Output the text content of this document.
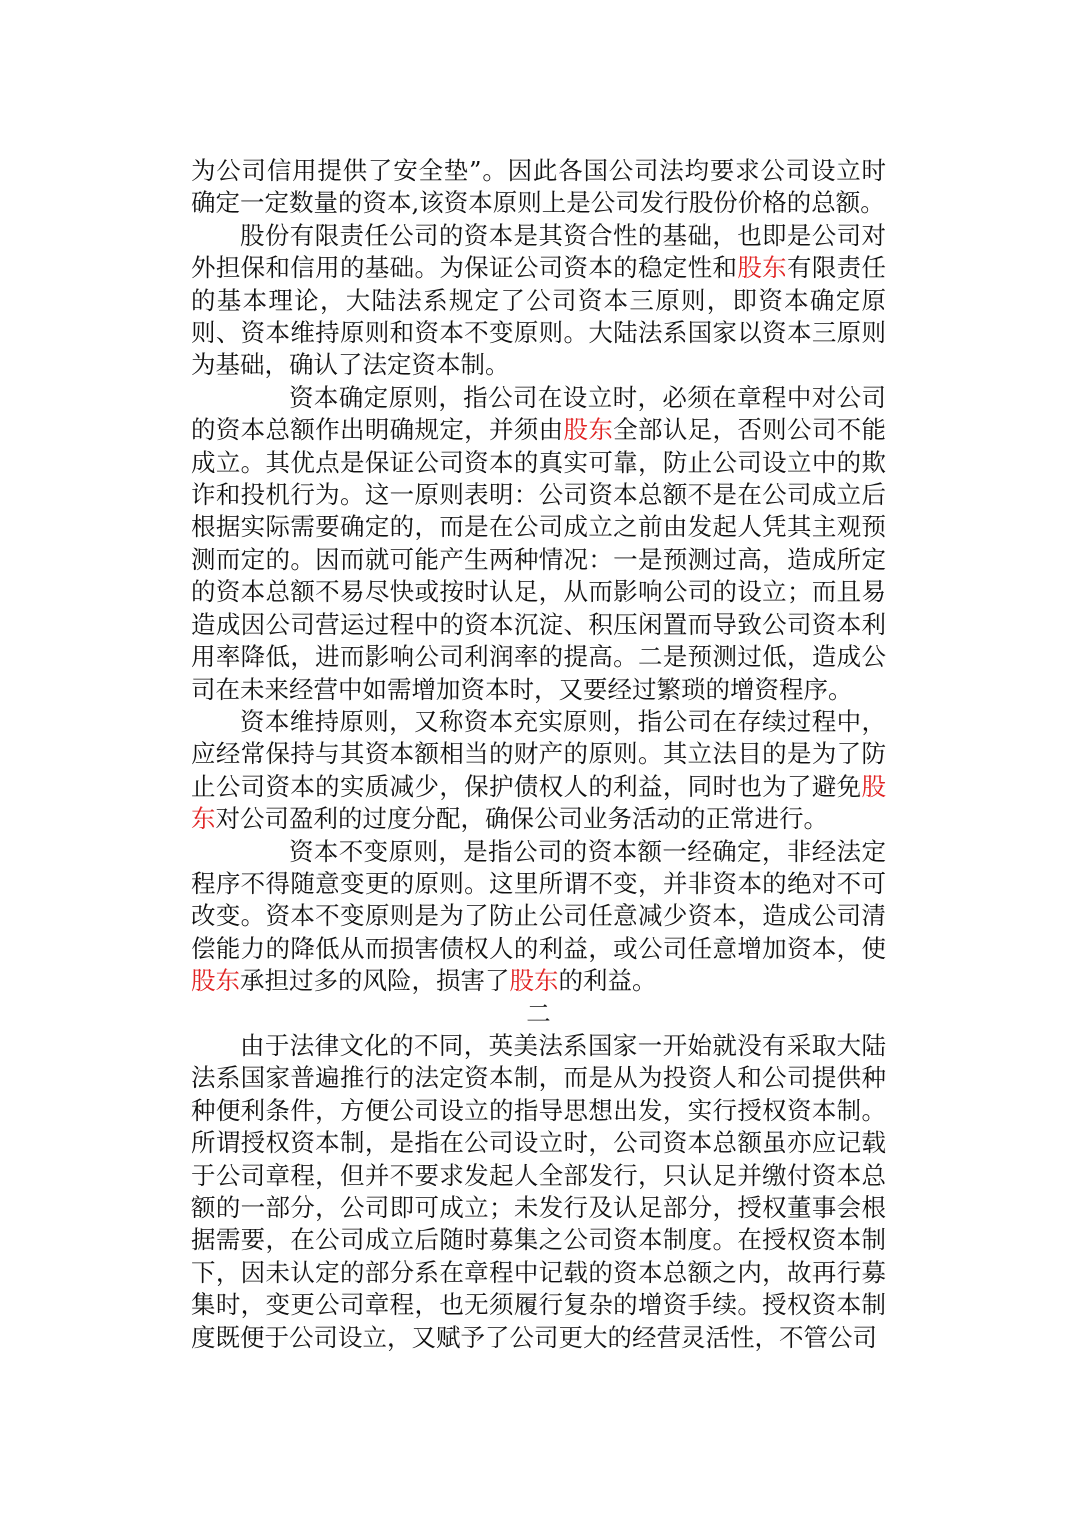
为公司信用提供了安全垫”。因此各国公司法均要求公司设立时确定一定数量的资本,该资本原则上是公司发行股份价格的总额。

股份有限责任公司的资本是其资合性的基础，也即是公司对外担保和信用的基础。为保证公司资本的稳定性和股东有限责任的基本理论，大陆法系规定了公司资本三原则，即资本确定原则、资本维持原则和资本不变原则。大陆法系国家以资本三原则为基础，确认了法定资本制。

资本确定原则，指公司在设立时，必须在章程中对公司的资本总额作出明确规定，并须由股东全部认足，否则公司不能成立。其优点是保证公司资本的真实可靠，防止公司设立中的欺诈和投机行为。这一原则表明：公司资本总额不是在公司成立后根据实际需要确定的，而是在公司成立之前由发起人凭其主观预测而定的。因而就可能产生两种情况：一是预测过高，造成所定的资本总额不易尽快或按时认足，从而影响公司的设立；而且易造成因公司营运过程中的资本沉淀、积压闲置而导致公司资本利用率降低，进而影响公司利润率的提高。二是预测过低，造成公司在未来经营中如需增加资本时，又要经过繁琐的增资程序。

资本维持原则，又称资本充实原则，指公司在存续过程中，应经常保持与其资本额相当的财产的原则。其立法目的是为了防止公司资本的实质减少，保护债权人的利益，同时也为了避免股东对公司盈利的过度分配，确保公司业务活动的正常进行。

资本不变原则，是指公司的资本额一经确定，非经法定程序不得随意变更的原则。这里所谓不变，并非资本的绝对不可改变。资本不变原则是为了防止公司任意减少资本，造成公司清偿能力的降低从而损害债权人的利益，或公司任意增加资本，使股东承担过多的风险，损害了股东的利益。

二

由于法律文化的不同，英美法系国家一开始就没有采取大陆法系国家普遍推行的法定资本制，而是从为投资人和公司提供种种便利条件，方便公司设立的指导思想出发，实行授权资本制。所谓授权资本制，是指在公司设立时，公司资本总额虽亦应记载于公司章程，但并不要求发起人全部发行，只认足并缴付资本总额的一部分，公司即可成立；未发行及认足部分，授权董事会根据需要，在公司成立后随时募集之公司资本制度。在授权资本制下，因未认定的部分系在章程中记载的资本总额之内，故再行募集时，变更公司章程，也无须履行复杂的增资手续。授权资本制度既便于公司设立，又赋予了公司更大的经营灵活性，不管公司
